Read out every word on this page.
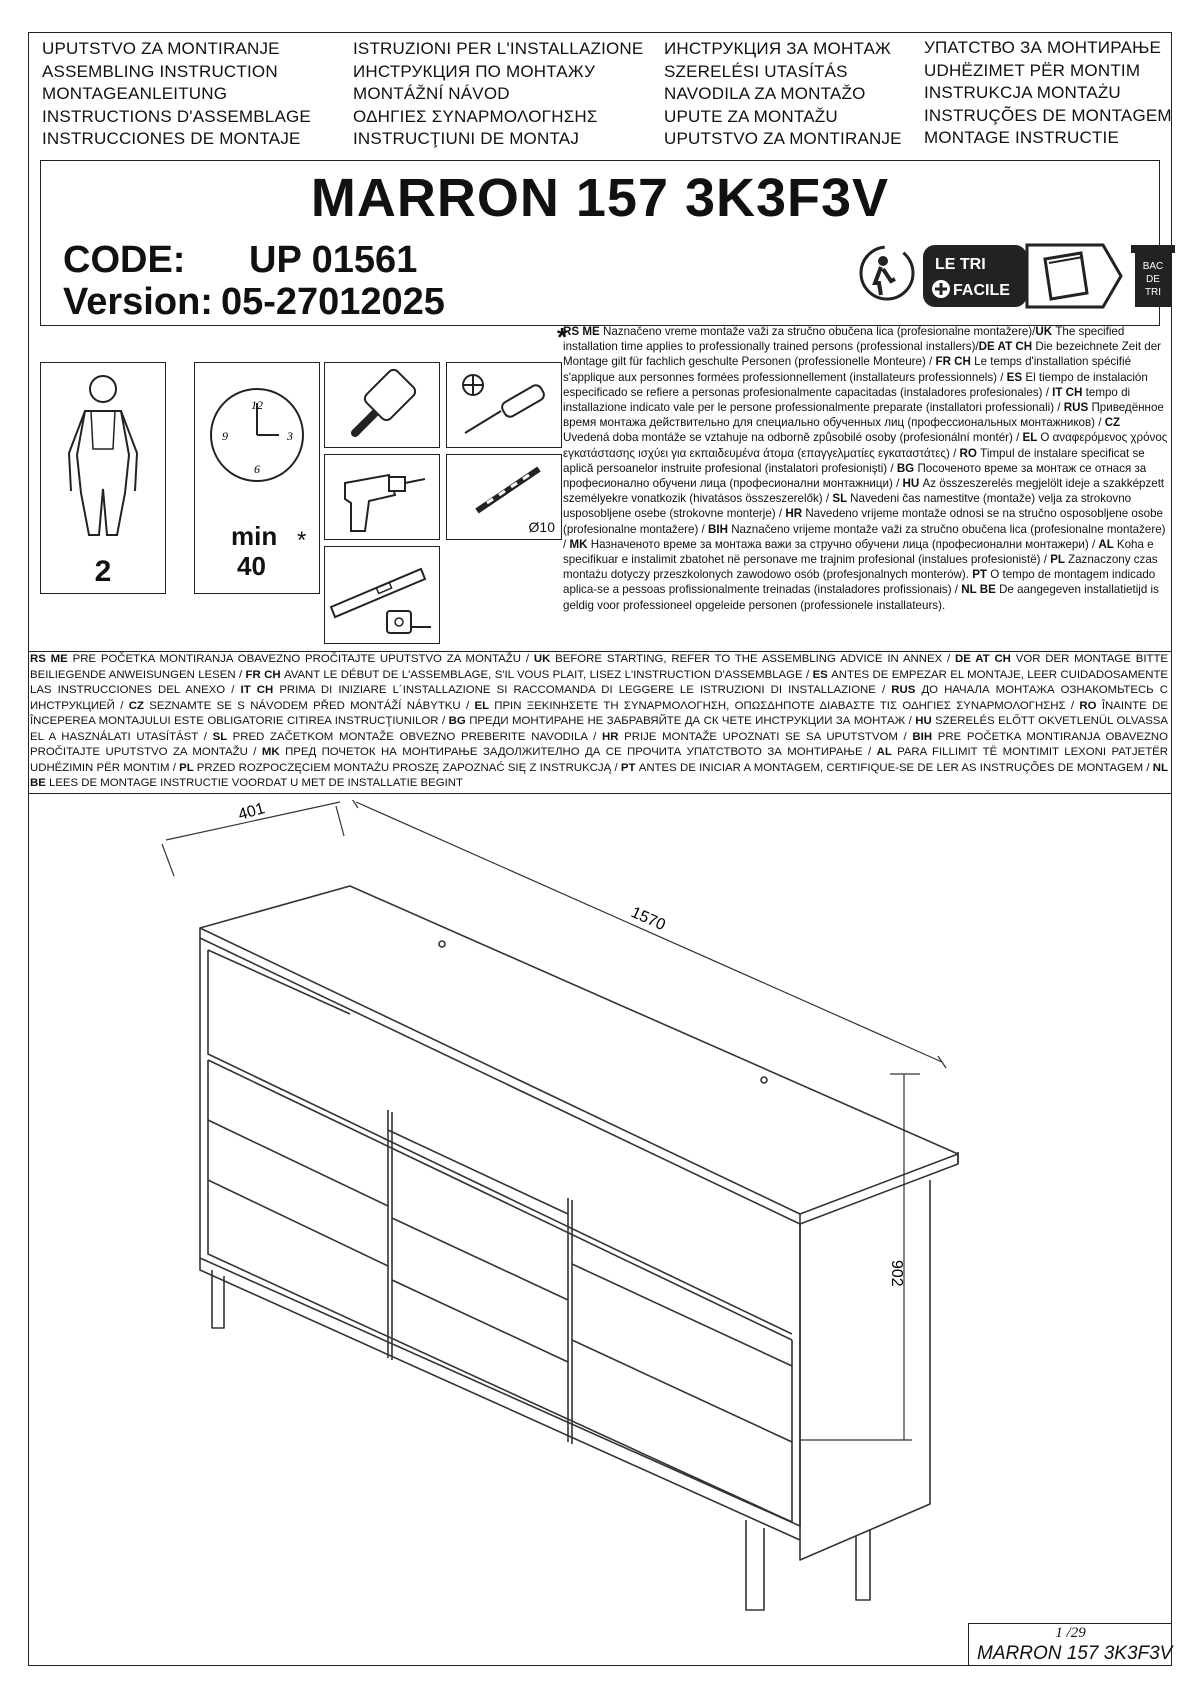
UPUTSTVO ZA MONTIRANJE
ASSEMBLING INSTRUCTION
MONTAGEANLEITUNG
INSTRUCTIONS D'ASSEMBLAGE
INSTRUCCIONES DE MONTAJE
ISTRUZIONI PER L'INSTALLAZIONE
ИНСТРУКЦИЯ ПО МОНТАЖУ
MONTÁŽNÍ NÁVOD
ΟΔΗΓΙΕΣ ΣΥΝΑΡΜΟΛΟΓΗΣΗΣ
INSTRUCŢIUNI DE MONTAJ
ИНСТРУКЦИЯ ЗА МОНТАЖ
SZERELÉSI UTASÍTÁS
NAVODILA ZA MONTAŽO
UPUTE ZA MONTAŽU
UPUTSTVO ZA MONTIRANJE
УПАТСТВО ЗА МОНТИРАЊЕ
UDHËZIMET PËR MONTIM
INSTRUKCJA MONTAŻU
INSTRUÇÕES DE MONTAGEM
MONTAGE INSTRUCTIE
MARRON 157 3K3F3V
CODE: UP 01561
Version: 05-27012025
LE TRI
FACILE
BAC
DE
TRI
2
12
3
6
9
min *
40
Ø10
*
RS ME Naznačeno vreme montaže važi za stručno obučena lica (profesionalne montažere)/UK The specified installation time applies to professionally trained persons (professional installers)/DE AT CH Die bezeichnete Zeit der Montage gilt für fachlich geschulte Personen (professionelle Monteure) / FR CH Le temps d'installation spécifié s'applique aux personnes formées professionnellement (installateurs professionnels) / ES El tiempo de instalación especificado se refiere a personas profesionalmente capacitadas (instaladores profesionales) / IT CH tempo di installazione indicato vale per le persone professionalmente preparate (installatori professionali) / RUS Приведённое время монтажа действительно для специально обученных лиц (профессиональных монтажников) / CZ Uvedená doba montáže se vztahuje na odborně způsobilé osoby (profesionální montér) / EL Ο αναφερόμενος χρόνος εγκατάστασης ισχύει για εκπαιδευμένα άτομα (επαγγελματίες εγκαταστάτες) / RO Timpul de instalare specificat se aplică persoanelor instruite profesional (instalatori profesionişti) / BG Посоченото време за монтаж се отнася за професионално обучени лица (професионални монтажници) / HU Az összeszerelés megjelölt ideje a szakképzett személyekre vonatkozik (hivatásos összeszerelők) / SL Navedeni čas namestitve (montaže) velja za strokovno usposobljene osebe (strokovne monterje) / HR Navedeno vrijeme montaže odnosi se na stručno osposobljene osobe (profesionalne montažere) / BIH Naznačeno vrijeme montaže važi za stručno obučena lica (profesionalne montažere) / MK Назначеното време за монтажа важи за стручно обучени лица (професионални монтажери) / AL Koha e specifikuar e instalimit zbatohet në personave me trajnim profesional (instalues profesionistë) / PL Zaznaczony czas montażu dotyczy przeszkolonych zawodowo osób (profesjonalnych monterów). PT O tempo de montagem indicado aplica-se a pessoas profissionalmente treinadas (instaladores profissionais) / NL BE De aangegeven installatietijd is geldig voor professioneel opgeleide personen (professionele installateurs).
RS ME PRE POČETKA MONTIRANJA OBAVEZNO PROČITAJTE UPUTSTVO ZA MONTAŽU / UK BEFORE STARTING, REFER TO THE ASSEMBLING ADVICE IN ANNEX / DE AT CH VOR DER MONTAGE BITTE BEILIEGENDE ANWEISUNGEN LESEN / FR CH AVANT LE DÉBUT DE L'ASSEMBLAGE, S'IL VOUS PLAIT, LISEZ L'INSTRUCTION D'ASSEMBLAGE / ES ANTES DE EMPEZAR EL MONTAJE, LEER CUIDADOSAMENTE LAS INSTRUCCIONES DEL ANEXO / IT CH PRIMA DI INIZIARE L´INSTALLAZIONE SI RACCOMANDA DI LEGGERE LE ISTRUZIONI DI INSTALLAZIONE / RUS ДО НАЧАЛА МОНТАЖА ОЗНАКОМЬТЕСЬ С ИНСТРУКЦИЕЙ / CZ SEZNAMTE SE S NÁVODEM PŘED MONTÁŽÍ NÁBYTKU / EL ΠΡΙΝ ΞΕΚΙΝΗΣΕΤΕ ΤΗ ΣΥΝΑΡΜΟΛΟΓΗΣΗ, ΟΠΩΣΔΗΠΟΤΕ ΔΙΑΒΑΣΤΕ ΤΙΣ ΟΔΗΓΙΕΣ ΣΥΝΑΡΜΟΛΟΓΗΣΗΣ / RO ÎNAINTE DE ÎNCEPEREA MONTAJULUI ESTE OBLIGATORIE CITIREA INSTRUCŢIUNILOR / BG ПРЕДИ МОНТИРАНЕ НЕ ЗАБРАВЯЙТЕ ДА СК ЧЕТЕ ИНСТРУКЦИИ ЗА МОНТАЖ / HU SZERELÉS ELŐTT OKVETLENÜL OLVASSA EL A HASZNÁLATI UTASÍTÁST / SL PRED ZAČETKOM MONTAŽE OBVEZNO PREBERITE NAVODILA / HR PRIJE MONTAŽE UPOZNATI SE SA UPUTSTVOM / BIH PRE POČETKA MONTIRANJA OBAVEZNO PROČITAJTE UPUTSTVO ZA MONTAŽU / MK ПРЕД ПОЧЕТОК НА МОНТИРАЊЕ ЗАДОЛЖИТЕЛНО ДА СЕ ПРОЧИТА УПАТСТВОТО ЗА МОНТИРАЊЕ / AL PARA FILLIMIT TË MONTIMIT LEXONI PATJETËR UDHËZIMIN PËR MONTIM / PL PRZED ROZPOCZĘCIEM MONTAŻU PROSZĘ ZAPOZNAĆ SIĘ Z INSTRUKCJĄ / PT ANTES DE INICIAR A MONTAGEM, CERTIFIQUE-SE DE LER AS INSTRUÇÕES DE MONTAGEM / NL BE LEES DE MONTAGE INSTRUCTIE VOORDAT U MET DE INSTALLATIE BEGINT
401
1570
902
1 /29
MARRON 157 3K3F3V
